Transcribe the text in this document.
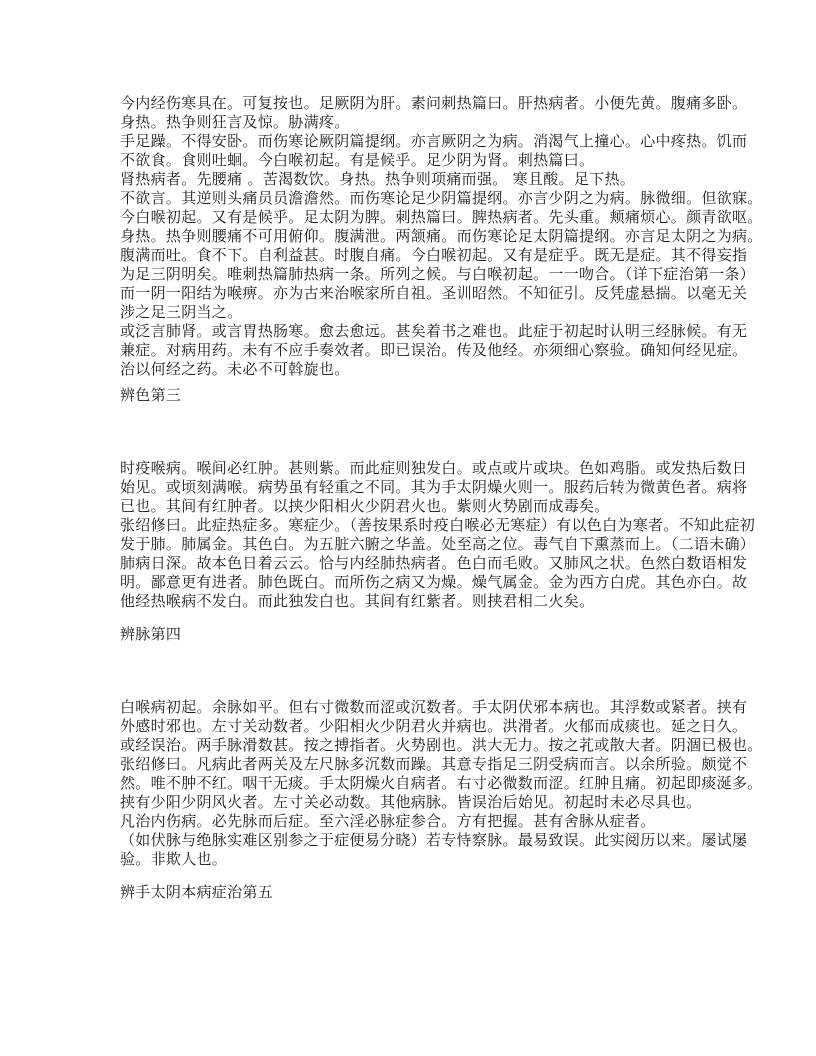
今内经伤寒具在。可复按也。足厥阴为肝。素问刺热篇曰。肝热病者。小便先黄。腹痛多卧。
身热。热争则狂言及惊。胁满疼。
手足躁。不得安卧。而伤寒论厥阴篇提纲。亦言厥阴之为病。消渴气上撞心。心中疼热。饥而
不欲食。食则吐蛔。今白喉初起。有是候乎。足少阴为肾。刺热篇曰。
肾热病者。先腰痛 。苦渴数饮。身热。热争则项痛而强。 寒且酸。足下热。
不欲言。其逆则头痛员员澹澹然。而伤寒论足少阴篇提纲。亦言少阴之为病。脉微细。但欲寐。
今白喉初起。又有是候乎。足太阴为脾。刺热篇曰。脾热病者。先头重。颊痛烦心。颜青欲呕。
身热。热争则腰痛不可用俯仰。腹满泄。两颔痛。而伤寒论足太阴篇提纲。亦言足太阴之为病。
腹满而吐。食不下。自利益甚。时腹自痛。今白喉初起。又有是症乎。既无是症。其不得妄指
为足三阴明矣。唯刺热篇肺热病一条。所列之候。与白喉初起。一一吻合。（详下症治第一条）
而一阴一阳结为喉痹。亦为古来治喉家所自祖。圣训昭然。不知征引。反凭虚悬揣。以毫无关
涉之足三阴当之。
或泛言肺肾。或言胃热肠寒。愈去愈远。甚矣着书之难也。此症于初起时认明三经脉候。有无
兼症。对病用药。未有不应手奏效者。即已误治。传及他经。亦须细心察验。确知何经见症。
治以何经之药。未必不可斡旋也。
辨色第三
时疫喉病。喉间必红肿。甚则紫。而此症则独发白。或点或片或块。色如鸡脂。或发热后数日
始见。或顷刻满喉。病势虽有轻重之不同。其为手太阴燥火则一。服药后转为微黄色者。病将
已也。其间有红肿者。以挟少阳相火少阴君火也。紫则火势剧而成毒矣。
张绍修曰。此症热症多。寒症少。（善按果系时疫白喉必无寒症）有以色白为寒者。不知此症初
发于肺。肺属金。其色白。为五脏六腑之华盖。处至高之位。毒气自下熏蒸而上。（二语未确）
肺病日深。故本色日着云云。恰与内经肺热病者。色白而毛败。又肺风之状。色然白数语相发
明。鄙意更有进者。肺色既白。而所伤之病又为燥。燥气属金。金为西方白虎。其色亦白。故
他经热喉病不发白。而此独发白也。其间有红紫者。则挟君相二火矣。
辨脉第四
白喉病初起。余脉如平。但右寸微数而涩或沉数者。手太阴伏邪本病也。其浮数或紧者。挟有
外感时邪也。左寸关动数者。少阳相火少阴君火并病也。洪滑者。火郁而成痰也。延之日久。
或经误治。两手脉滑数甚。按之搏指者。火势剧也。洪大无力。按之芤或散大者。阴涸已极也。
张绍修曰。凡病此者两关及左尺脉多沉数而躁。其意专指足三阴受病而言。以余所验。颇觉不
然。唯不肿不红。咽干无痰。手太阴燥火自病者。右寸必微数而涩。红肿且痛。初起即痰涎多。
挟有少阳少阴风火者。左寸关必动数。其他病脉。皆误治后始见。初起时未必尽具也。
凡治内伤病。必先脉而后症。至六淫必脉症参合。方有把握。甚有舍脉从症者。
（如伏脉与绝脉实难区别参之于症便易分晓）若专恃察脉。最易致误。此实阅历以来。屡试屡
验。非欺人也。
辨手太阴本病症治第五
